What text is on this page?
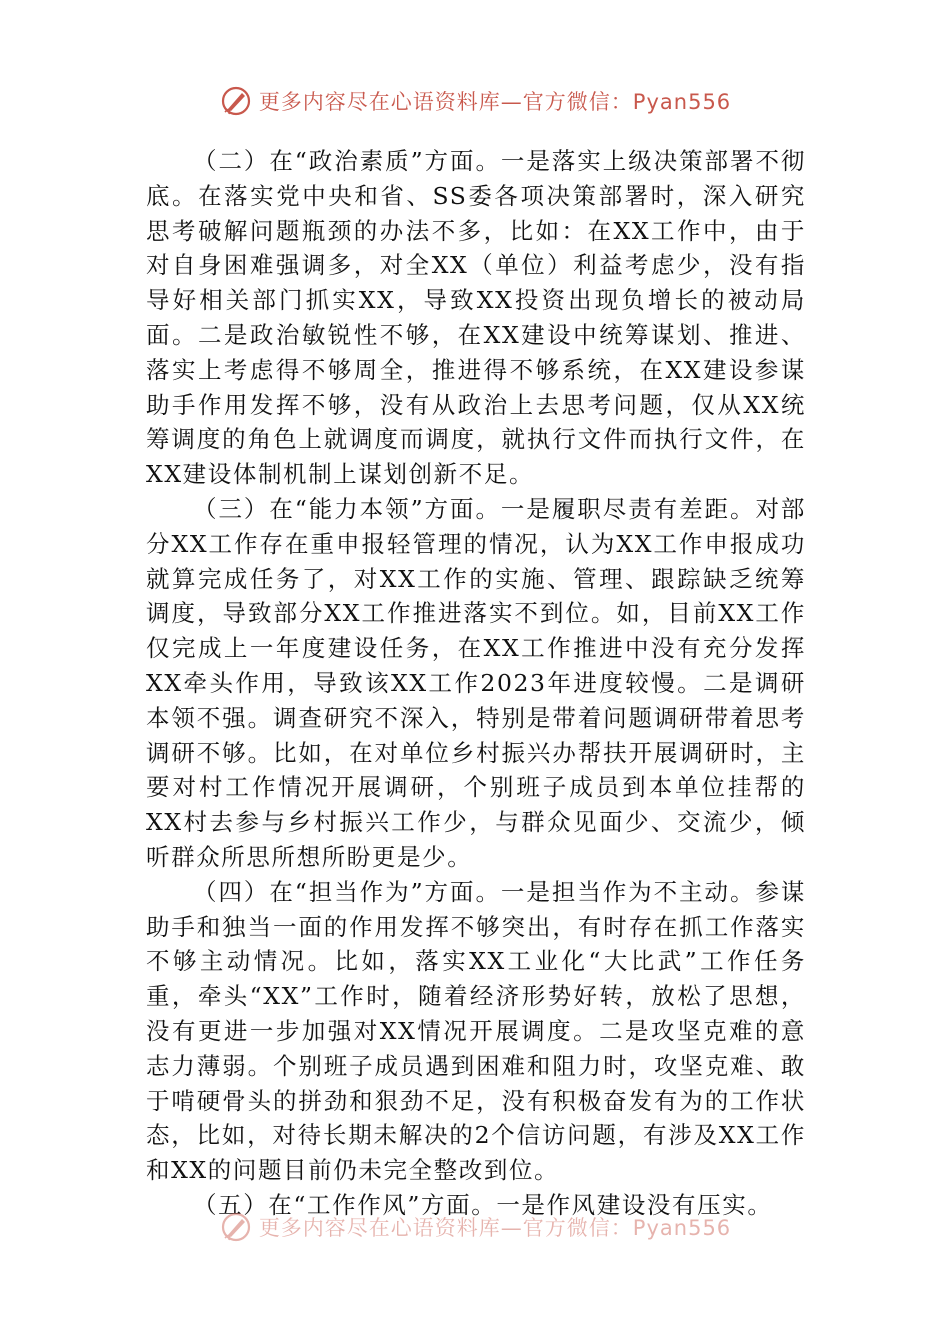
更多内容尽在心语资料库—官方微信：Pyan556

（二）在“政治素质”方面。一是落实上级决策部署不彻底。在落实党中央和省、SS委各项决策部署时，深入研究思考破解问题瓶颈的办法不多，比如：在XX工作中，由于对自身困难强调多，对全XX（单位）利益考虑少，没有指导好相关部门抓实XX，导致XX投资出现负增长的被动局面。二是政治敏锐性不够，在XX建设中统筹谋划、推进、落实上考虑得不够周全，推进得不够系统，在XX建设参谋助手作用发挥不够，没有从政治上去思考问题，仅从XX统筹调度的角色上就调度而调度，就执行文件而执行文件，在XX建设体制机制上谋划创新不足。

（三）在“能力本领”方面。一是履职尽责有差距。对部分XX工作存在重申报轻管理的情况，认为XX工作申报成功就算完成任务了，对XX工作的实施、管理、跟踪缺乏统筹调度，导致部分XX工作推进落实不到位。如，目前XX工作仅完成上一年度建设任务，在XX工作推进中没有充分发挥XX牵头作用，导致该XX工作2023年进度较慢。二是调研本领不强。调查研究不深入，特别是带着问题调研带着思考调研不够。比如，在对单位乡村振兴办帮扶开展调研时，主要对村工作情况开展调研，个别班子成员到本单位挂帮的XX村去参与乡村振兴工作少，与群众见面少、交流少，倾听群众所思所想所盼更是少。

（四）在“担当作为”方面。一是担当作为不主动。参谋助手和独当一面的作用发挥不够突出，有时存在抓工作落实不够主动情况。比如，落实XX工业化“大比武”工作任务重，牵头“XX”工作时，随着经济形势好转，放松了思想，没有更进一步加强对XX情况开展调度。二是攻坚克难的意志力薄弱。个别班子成员遇到困难和阻力时，攻坚克难、敢于啃硬骨头的拼劲和狠劲不足，没有积极奋发有为的工作状态，比如，对待长期未解决的2个信访问题，有涉及XX工作和XX的问题目前仍未完全整改到位。

（五）在“工作作风”方面。一是作风建设没有压实。

更多内容尽在心语资料库—官方微信：Pyan556
